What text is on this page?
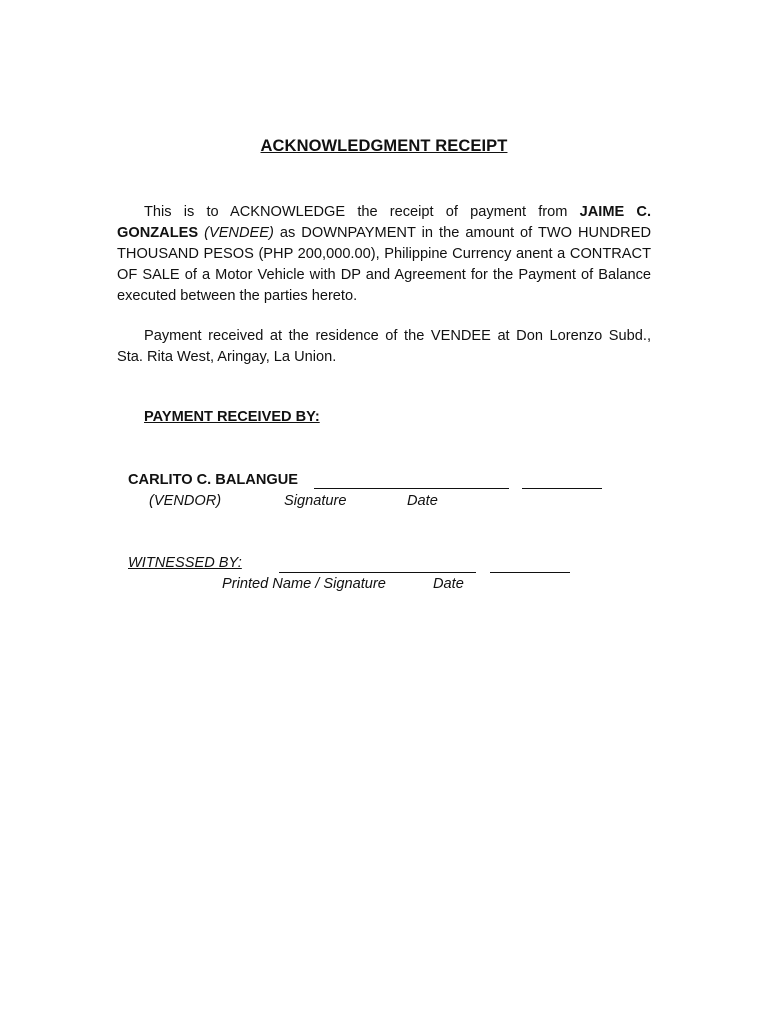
ACKNOWLEDGMENT RECEIPT
This is to ACKNOWLEDGE the receipt of payment from JAIME C. GONZALES (VENDEE) as DOWNPAYMENT in the amount of TWO HUNDRED THOUSAND PESOS (PHP 200,000.00), Philippine Currency anent a CONTRACT OF SALE of a Motor Vehicle with DP and Agreement for the Payment of Balance executed between the parties hereto.
Payment received at the residence of the VENDEE at Don Lorenzo Subd., Sta. Rita West, Aringay, La Union.
PAYMENT RECEIVED BY:
CARLITO C. BALANGUE
(VENDOR)	Signature	Date
WITNESSED BY:
Printed Name / Signature	Date
